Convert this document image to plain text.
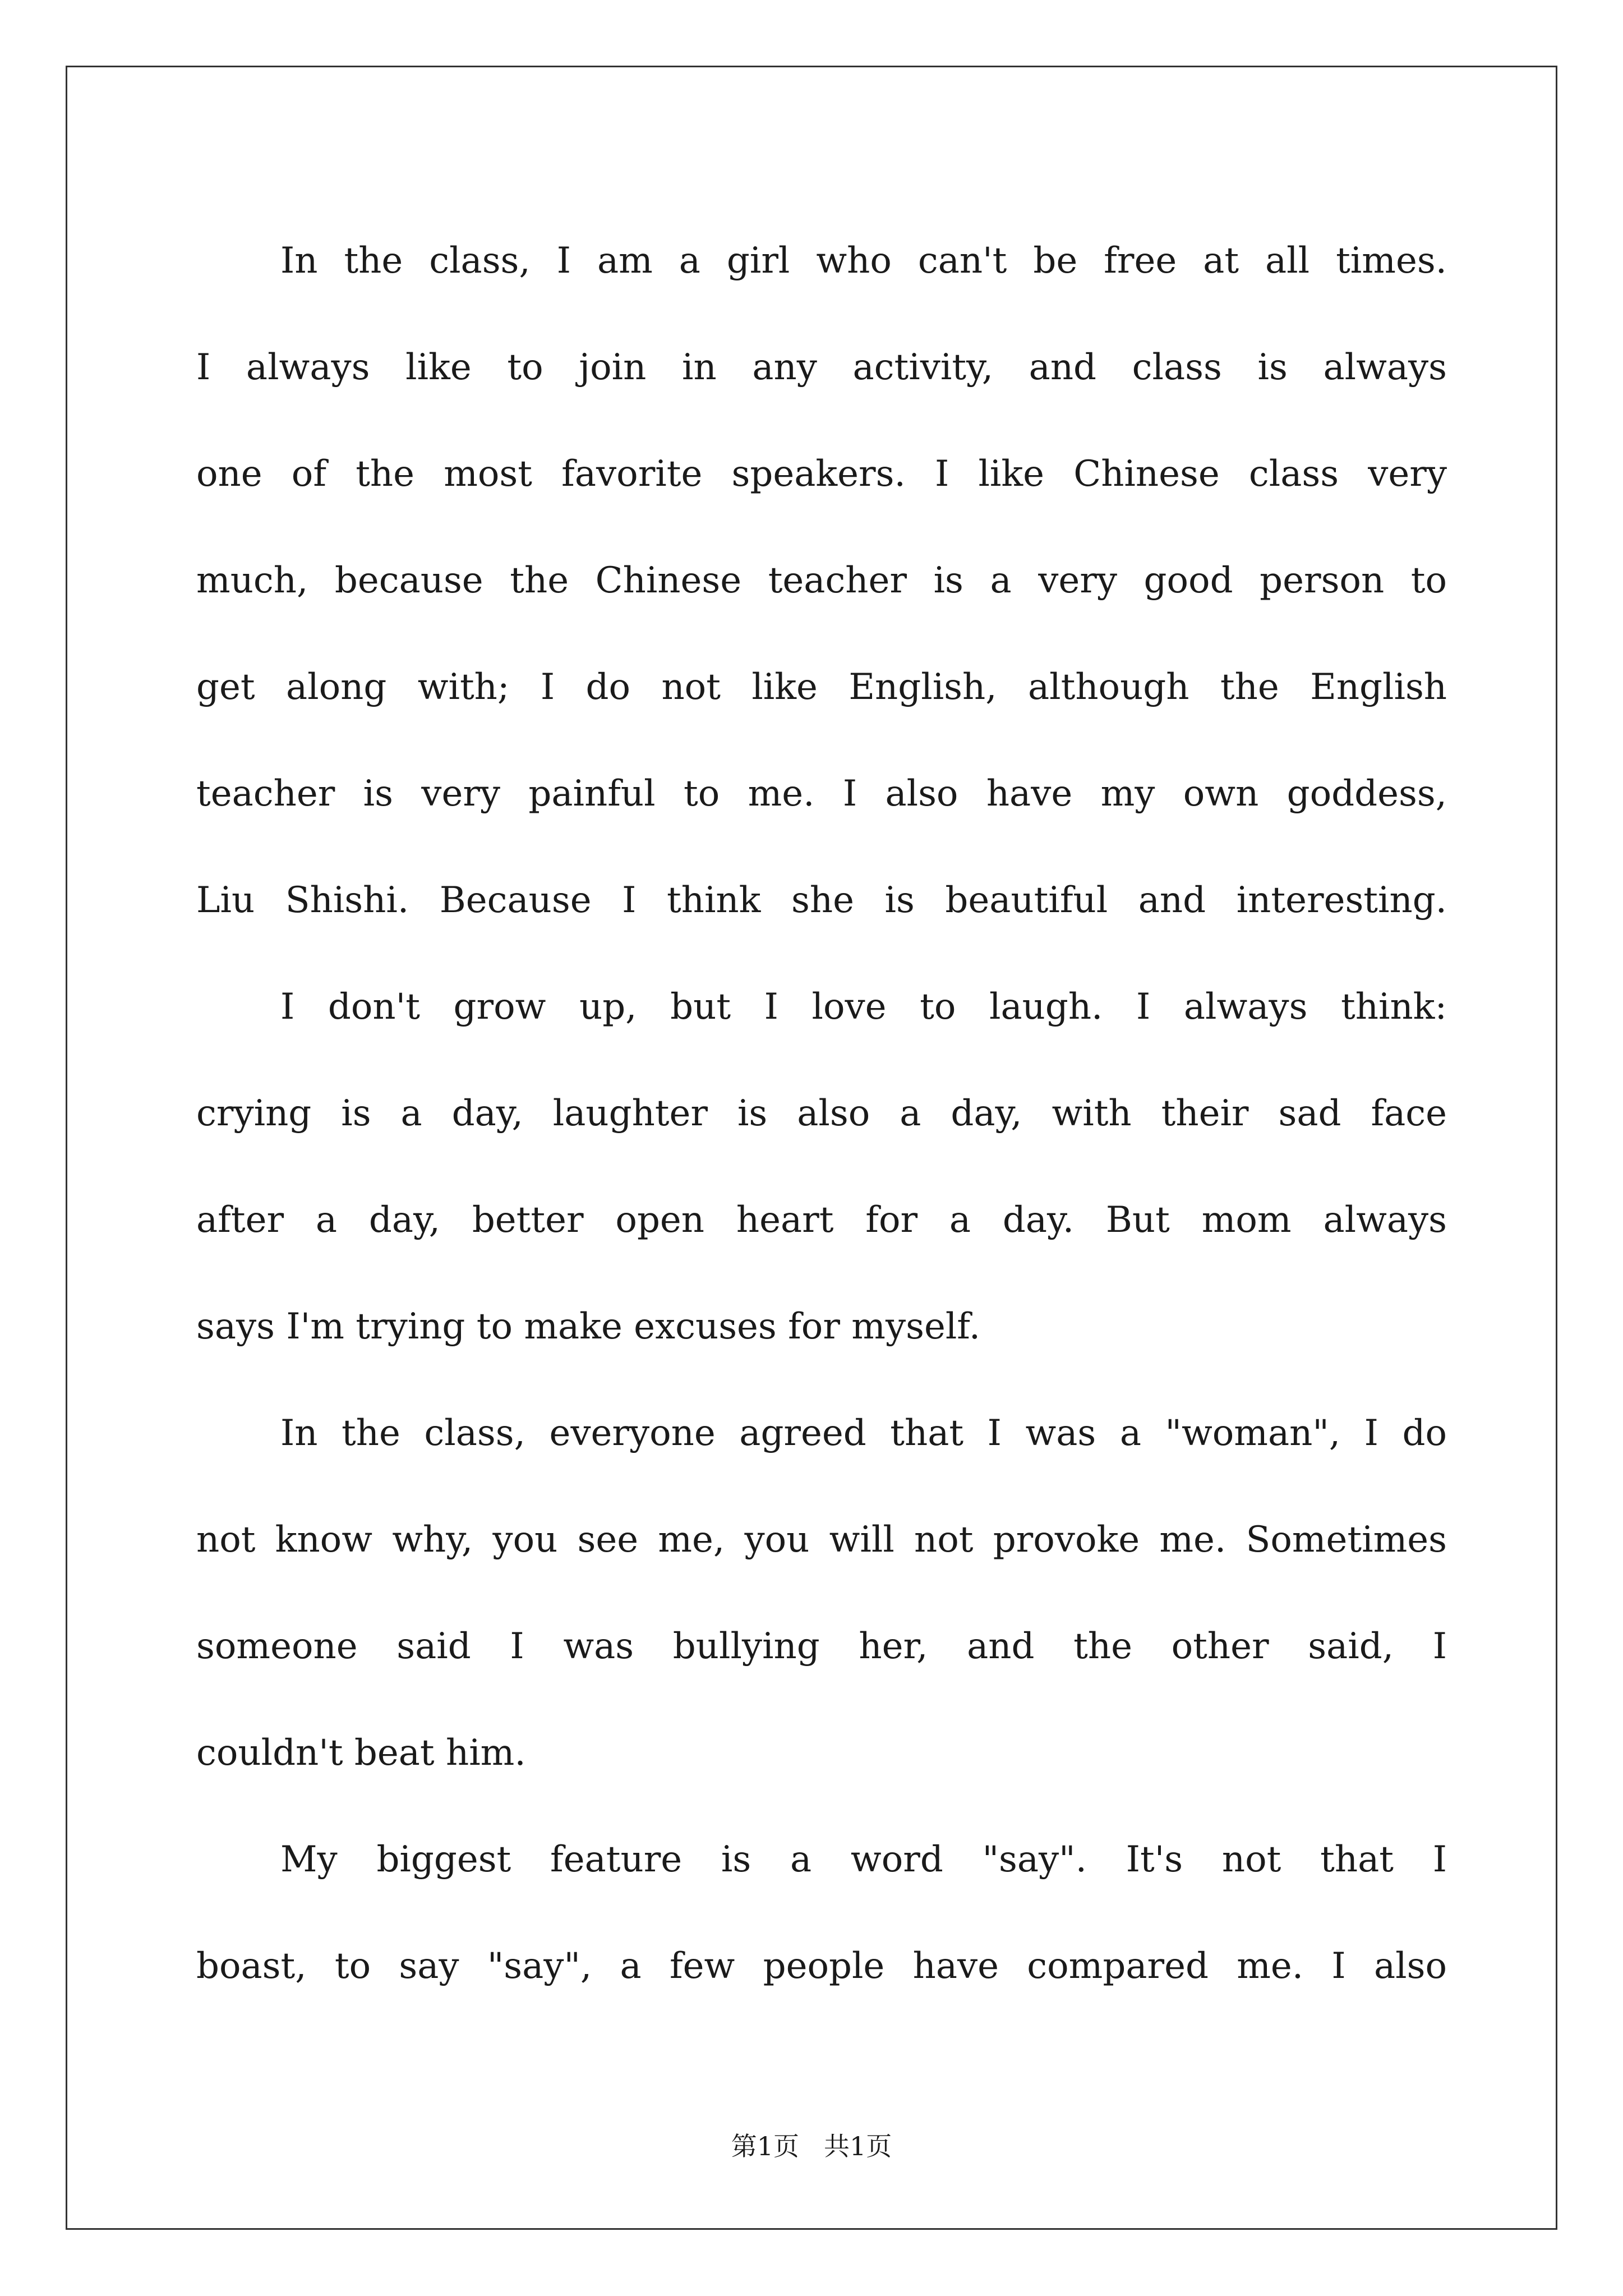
In the class, I am a girl who can't be free at all times.
I always like to join in any activity, and class is always
one of the most favorite speakers. I like Chinese class very
much, because the Chinese teacher is a very good person to
get along with; I do not like English, although the English
teacher is very painful to me. I also have my own goddess,
Liu Shishi. Because I think she is beautiful and interesting.
I don't grow up, but I love to laugh. I always think:
crying is a day, laughter is also a day, with their sad face
after a day, better open heart for a day. But mom always
says I'm trying to make excuses for myself.
In the class, everyone agreed that I was a "woman", I do
not know why, you see me, you will not provoke me. Sometimes
someone said I was bullying her, and the other said, I
couldn't beat him.
My biggest feature is a word "say". It's not that I
boast, to say "say", a few people have compared me. I also
第1页 共1页
